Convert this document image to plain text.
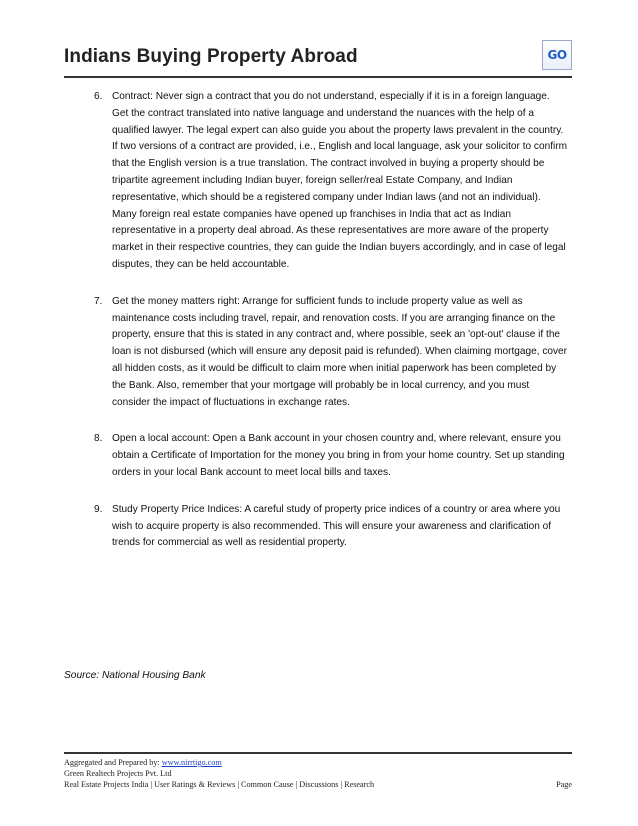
Indians Buying Property Abroad	GO
6. Contract: Never sign a contract that you do not understand, especially if it is in a foreign language. Get the contract translated into native language and understand the nuances with the help of a qualified lawyer. The legal expert can also guide you about the property laws prevalent in the country. If two versions of a contract are provided, i.e., English and local language, ask your solicitor to confirm that the English version is a true translation. The contract involved in buying a property should be tripartite agreement including Indian buyer, foreign seller/real Estate Company, and Indian representative, which should be a registered company under Indian laws (and not an individual). Many foreign real estate companies have opened up franchises in India that act as Indian representative in a property deal abroad. As these representatives are more aware of the property market in their respective countries, they can guide the Indian buyers accordingly, and in case of legal disputes, they can be held accountable.
7. Get the money matters right: Arrange for sufficient funds to include property value as well as maintenance costs including travel, repair, and renovation costs. If you are arranging finance on the property, ensure that this is stated in any contract and, where possible, seek an 'opt-out' clause if the loan is not disbursed (which will ensure any deposit paid is refunded). When claiming mortgage, cover all hidden costs, as it would be difficult to claim more when initial paperwork has been completed by the Bank. Also, remember that your mortgage will probably be in local currency, and you must consider the impact of fluctuations in exchange rates.
8. Open a local account: Open a Bank account in your chosen country and, where relevant, ensure you obtain a Certificate of Importation for the money you bring in from your home country. Set up standing orders in your local Bank account to meet local bills and taxes.
9. Study Property Price Indices: A careful study of property price indices of a country or area where you wish to acquire property is also recommended. This will ensure your awareness and clarification of trends for commercial as well as residential property.
Source: National Housing Bank
Aggregated and Prepared by: www.nirrtigo.com
Green Realtech Projects Pvt. Ltd
Real Estate Projects India | User Ratings & Reviews | Common Cause | Discussions | Research	Page
